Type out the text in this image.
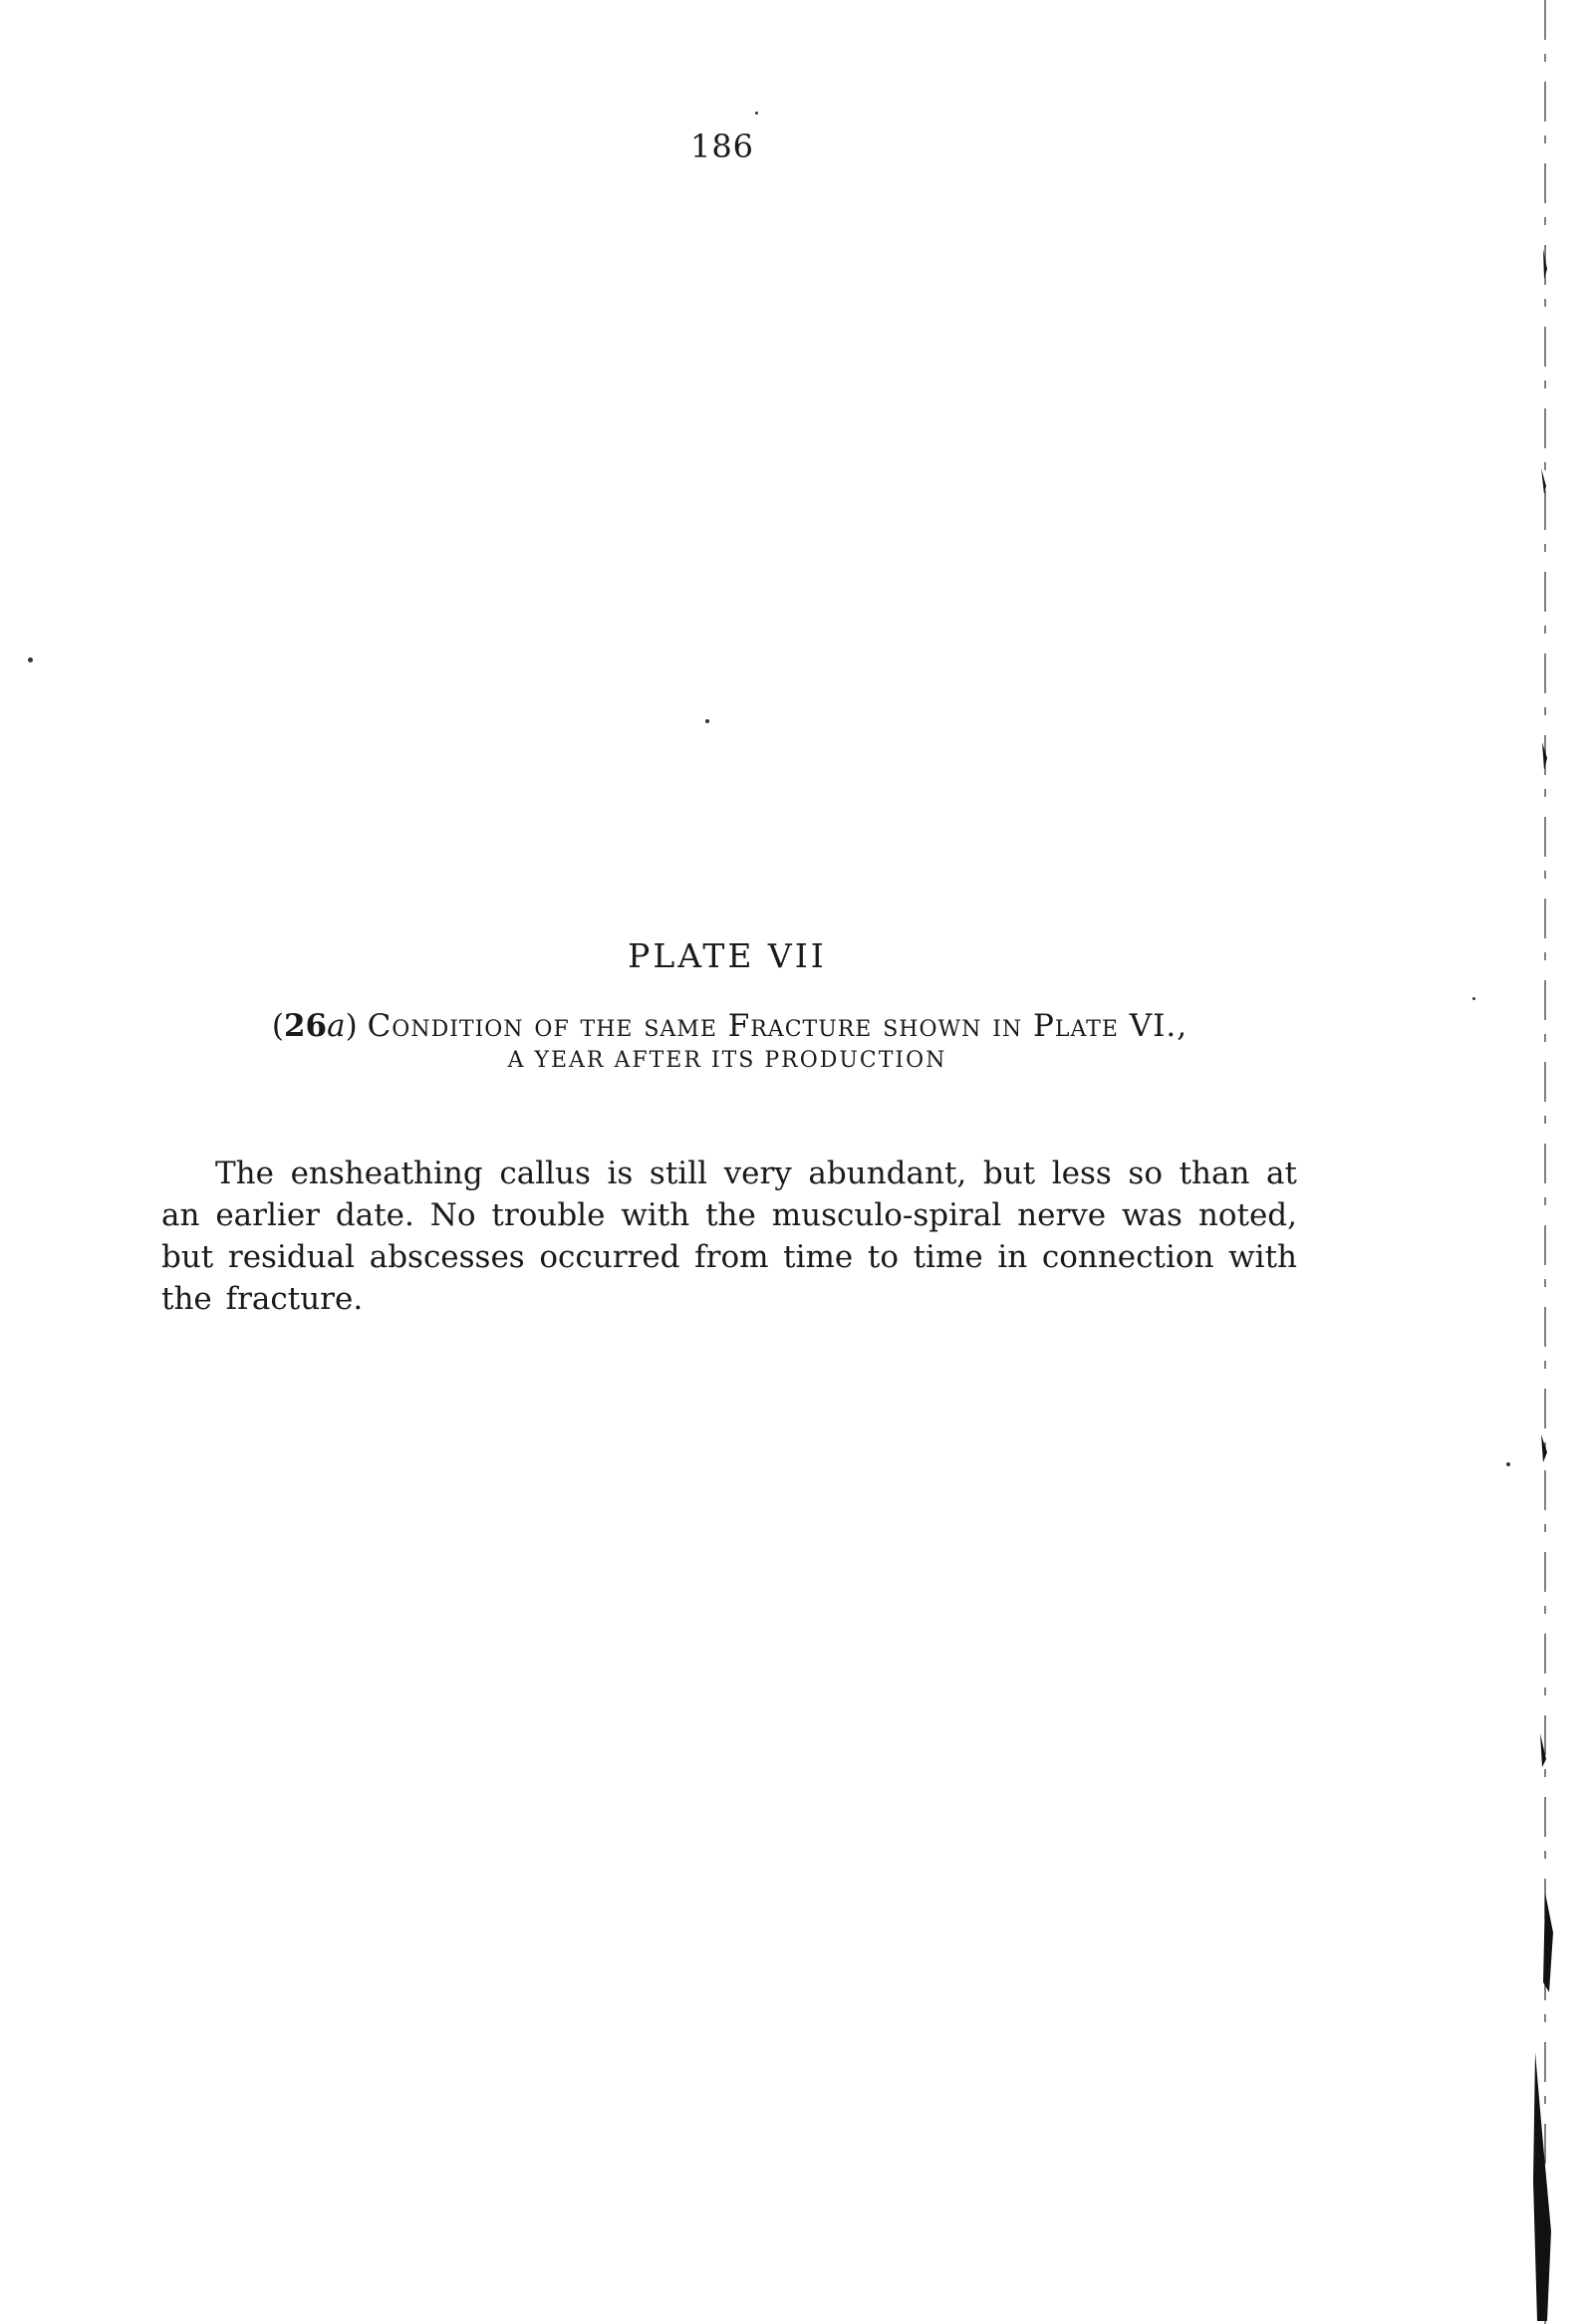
186
PLATE VII
(26a) Condition of the same Fracture shown in Plate VI.,
A YEAR AFTER ITS PRODUCTION

The ensheathing callus is still very abundant, but less so than at an earlier date. No trouble with the musculo-spiral nerve was noted, but residual abscesses occurred from time to time in connection with the fracture.
